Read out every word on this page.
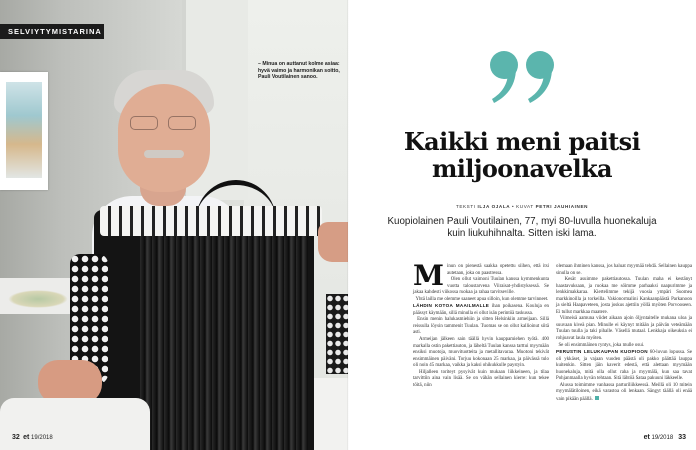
SELVIYTYMISTARINA
– Minua on auttanut kolme asiaa: hyvä vaimo ja harmonikan soitto, Pauli Voutilainen sanoo.
32 et 19/2018
Kaikki meni paitsi
miljoonavelka
TEKSTI ILJA OJALA • KUVAT PETRI JAUHIAINEN
Kuopiolainen Pauli Voutilainen, 77, myi 80-luvulla huonekaluja kuin liukuhihnalta. Sitten iski lama.

M inun on pienestä saakka opetettu siihen, että itsi autetaan, joka on paastressa.

Olen ollut vaimoni Tuulan kanssa kymmenkunta vuotta taloustarvena Viiraisat-yhdistyksessä. Se jakaa kahdesti viikossa ruokaa ja rahaa tarvitseville.

Yhtä lailla me olemme saaneet apua silloin, kun olemme tarvinneet.

LÄHDIN KOTOA MAAILMALLE ihan poikasena. Kouluja en päässyt käymään, sillä minulla ei ollut isän perintöä taskussa.

Ensin menin halukasmiehiin ja sitten Helsinkiin armeijaan. Sillä reissulla löysin tammenit Tuulan. Tuomas se on ollut kallioinut siitä asti.

Armeijan jälkeen sain täällä hyvin kauppamiehen työtä. 400 markalla ostin pakettiauton, ja läheltä Tuulan kanssa tarttui myymään ensiksi muotoja, muovituotteita ja metallitavaraa. Muotoni tekivät ensimmäinen päiväni. Torjuu kokonaan 25 markaa, ja päivässä tulo oli noin 45 markaa, vaikka ja kaksi ohikukkulle paystyin.

Hiljalleen toriteyt pysyivät kuin mukaan liikkeineen, ja tilaa tarvittiin aina vain lisää. Se on vähän sellainen kierre: kun tekee töitä, niin

olemaan ihminen kanssa, jos haluat myymää tehdä. Sellainen kauppa sinulla on se.

Kesät asuimme pakettiautossa. Tuulan maha ei kestänyt haastavuksaan, ja ruokaa me söimme parhaaksi naapurimme ja lenkkimakkaraa. Kiertelimme tekijä vuosia ympäri Suomea markkinoilla ja torkeilla. Vakionormalini Kankaanpäästä Parkanoon ja sieltä Haapaveteen, josta joskus ajettiin yöllä myöten Porvooseen. Ei tullut markkaa maatere.

Viimeisä aamuna viidet aikaan ajoin öljyntaitelle mukana uloa ja suuvaan kiveä pian. Minulle ei käynyt mitään ja päivän veteämään Tuulan tuulla ja taki pihalle. Väsellä mutaal. Lenkkaja oikeuksia ei rohjoavat laula myöten.

Se oli ensimmäinen ryntys, joka mulle osui.

PERUSTIN LELUKAUPAN KUOPIOON 60-luvun lopussa. Se oli ykkäset, ja vajaan vuoden päästä oli pakko päättää lauppa kuitenkin. Sitten jäin kaverit edestä, että alettaan myymään huonekaluja, mitä olla ollut raha ja myymälä, kun saa tavat Pohjanmaalla hyvän tehtaan. Sitä lähtöä Sataa pakuuni läkkeelle.

Alussa toimimme vanhassa parturiliikkeessä. Meillä oli 10 mitein myymälätiloinen, eikä varastoa oli lenkaan. Sängyt täällä oli enää vain pikään päällä.

et 19/2018 33
